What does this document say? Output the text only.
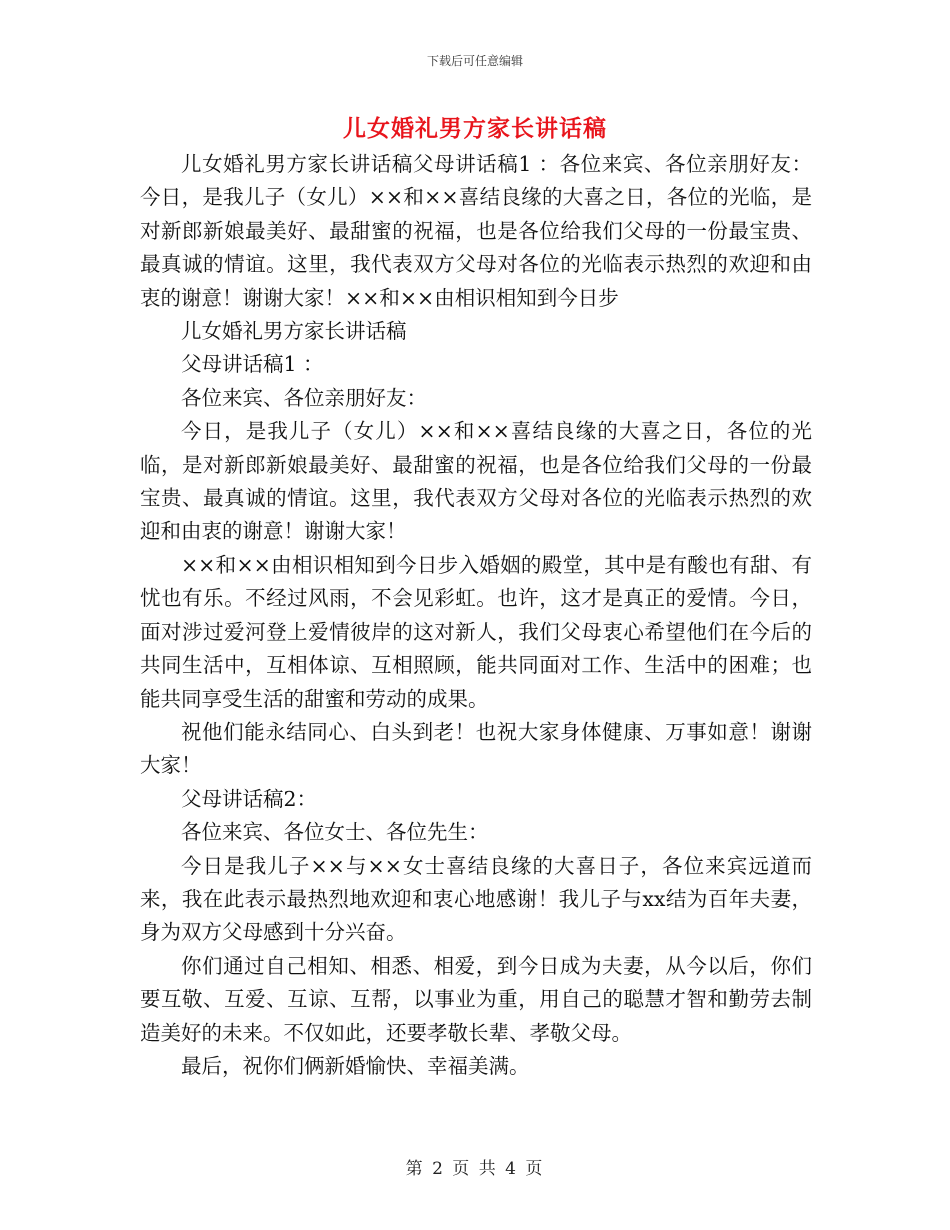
下载后可任意编辑
儿女婚礼男方家长讲话稿

儿女婚礼男方家长讲话稿父母讲话稿1 ：各位来宾、各位亲朋好友：今日，是我儿子（女儿）××和××喜结良缘的大喜之日，各位的光临，是对新郎新娘最美好、最甜蜜的祝福，也是各位给我们父母的一份最宝贵、最真诚的情谊。这里，我代表双方父母对各位的光临表示热烈的欢迎和由衷的谢意！谢谢大家！××和××由相识相知到今日步

儿女婚礼男方家长讲话稿

父母讲话稿1 ：

各位来宾、各位亲朋好友：

今日，是我儿子（女儿）××和××喜结良缘的大喜之日，各位的光临，是对新郎新娘最美好、最甜蜜的祝福，也是各位给我们父母的一份最宝贵、最真诚的情谊。这里，我代表双方父母对各位的光临表示热烈的欢迎和由衷的谢意！谢谢大家！

××和××由相识相知到今日步入婚姻的殿堂，其中是有酸也有甜、有忧也有乐。不经过风雨，不会见彩虹。也许，这才是真正的爱情。今日，面对涉过爱河登上爱情彼岸的这对新人，我们父母衷心希望他们在今后的共同生活中，互相体谅、互相照顾，能共同面对工作、生活中的困难；也能共同享受生活的甜蜜和劳动的成果。

祝他们能永结同心、白头到老！也祝大家身体健康、万事如意！谢谢大家！

父母讲话稿2：

各位来宾、各位女士、各位先生：

今日是我儿子××与××女士喜结良缘的大喜日子，各位来宾远道而来，我在此表示最热烈地欢迎和衷心地感谢！我儿子与xx结为百年夫妻，身为双方父母感到十分兴奋。

你们通过自己相知、相悉、相爱，到今日成为夫妻，从今以后，你们要互敬、互爱、互谅、互帮，以事业为重，用自己的聪慧才智和勤劳去制造美好的未来。不仅如此，还要孝敬长辈、孝敬父母。

最后，祝你们俩新婚愉快、幸福美满。

第 2 页 共 4 页
